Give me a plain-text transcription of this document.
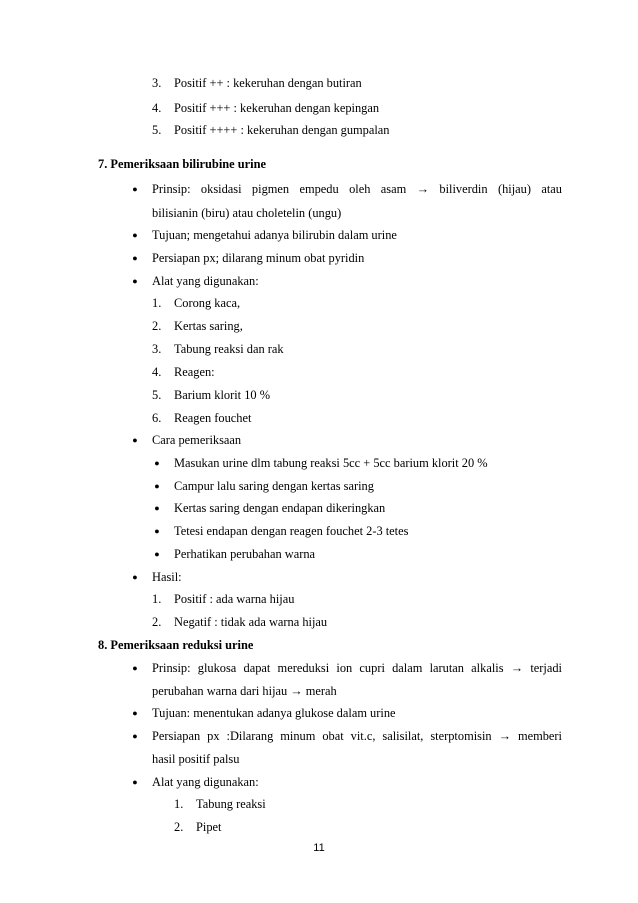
3. Positif ++ : kekeruhan dengan butiran
4. Positif +++ : kekeruhan dengan kepingan
5. Positif ++++ : kekeruhan dengan gumpalan
7. Pemeriksaan bilirubine urine
● Prinsip: oksidasi pigmen empedu oleh asam → biliverdin (hijau) atau
bilisianin (biru) atau choletelin (ungu)
● Tujuan; mengetahui adanya bilirubin dalam urine
● Persiapan px; dilarang minum obat pyridin
● Alat yang digunakan:
1. Corong kaca,
2. Kertas saring,
3. Tabung reaksi dan rak
4. Reagen:
5. Barium klorit 10 %
6. Reagen fouchet
● Cara pemeriksaan
● Masukan urine dlm tabung reaksi 5cc + 5cc barium klorit 20 %
● Campur lalu saring dengan kertas saring
● Kertas saring dengan endapan dikeringkan
● Tetesi endapan dengan reagen fouchet 2-3 tetes
● Perhatikan perubahan warna
● Hasil:
1. Positif : ada warna hijau
2. Negatif : tidak ada warna hijau
8. Pemeriksaan reduksi urine
● Prinsip: glukosa dapat mereduksi ion cupri dalam larutan alkalis → terjadi
perubahan warna dari hijau → merah
● Tujuan: menentukan adanya glukose dalam urine
● Persiapan px :Dilarang minum obat vit.c, salisilat, sterptomisin → memberi
hasil positif palsu
● Alat yang digunakan:
1. Tabung reaksi
2. Pipet
11
